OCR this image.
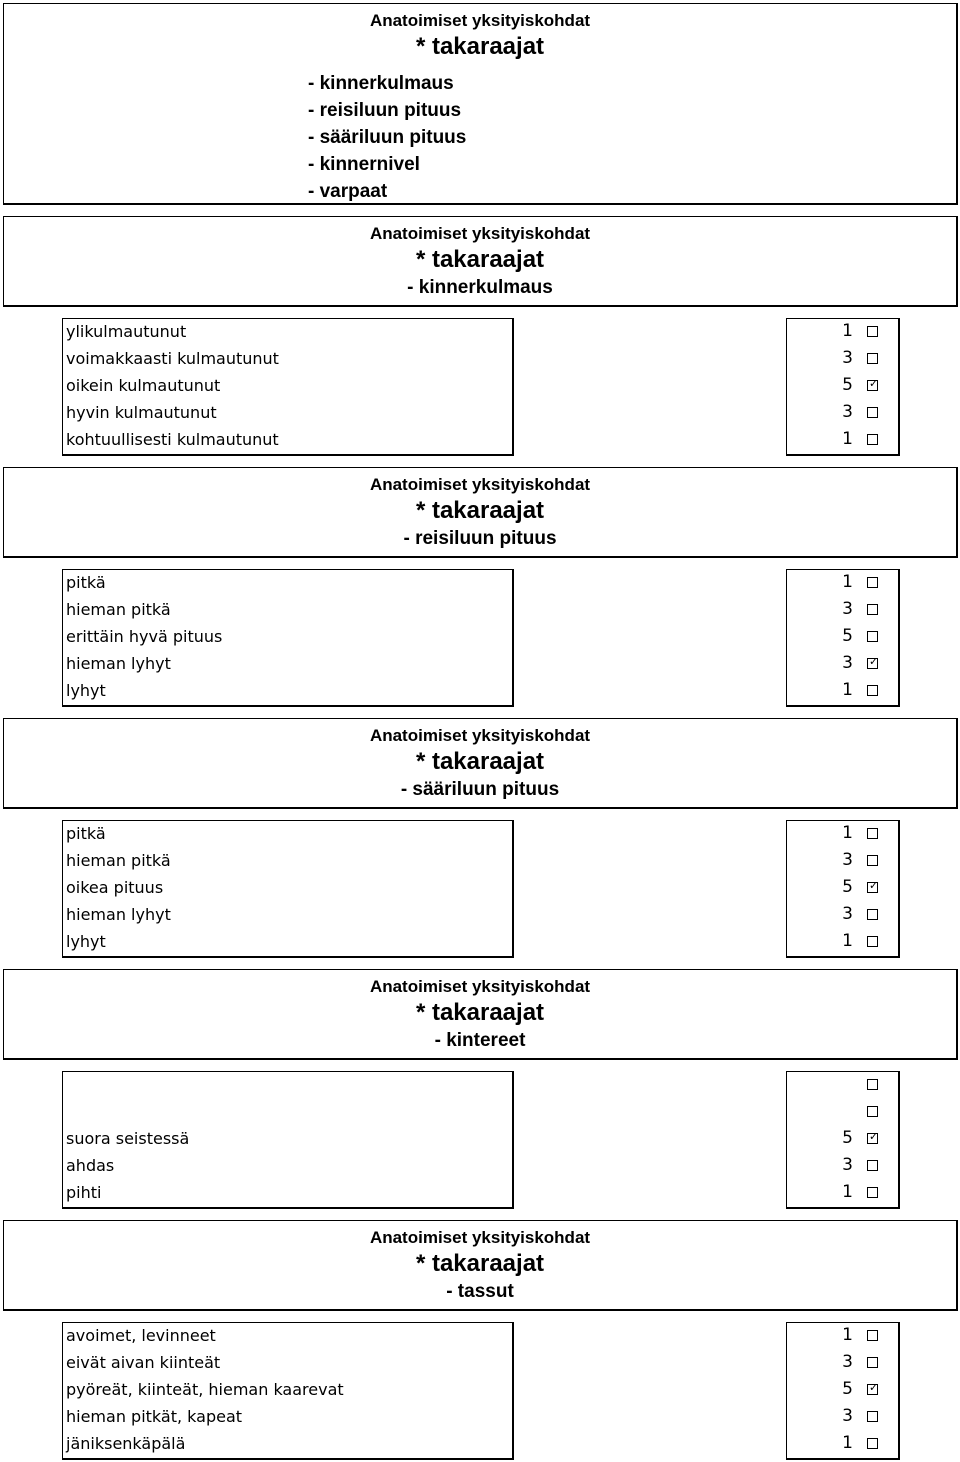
Anatoimiset yksityiskohdat
* takaraajat
- kinnerkulmaus
- reisiluun pituus
- sääriluun pituus
- kinnernivel
- varpaat
Anatoimiset yksityiskohdat
* takaraajat
- kinnerkulmaus
ylikulmautunut
voimakkaasti kulmautunut
oikein kulmautunut
hyvin kulmautunut
kohtuullisesti kulmautunut
1
3
5 ✓
3
1
Anatoimiset yksityiskohdat
* takaraajat
- reisiluun pituus
pitkä
hieman pitkä
erittäin hyvä pituus
hieman lyhyt
lyhyt
1
3
5
3 ✓
1
Anatoimiset yksityiskohdat
* takaraajat
- sääriluun pituus
pitkä
hieman pitkä
oikea pituus
hieman lyhyt
lyhyt
1
3
5 ✓
3
1
Anatoimiset yksityiskohdat
* takaraajat
- kintereet
suora seistessä
ahdas
pihti
5 ✓
3
1
Anatoimiset yksityiskohdat
* takaraajat
- tassut
avoimet, levinneet
eivät aivan kiinteät
pyöreät, kiinteät, hieman kaarevat
hieman pitkät, kapeat
jäniksenkäpälä
1
3
5 ✓
3
1
